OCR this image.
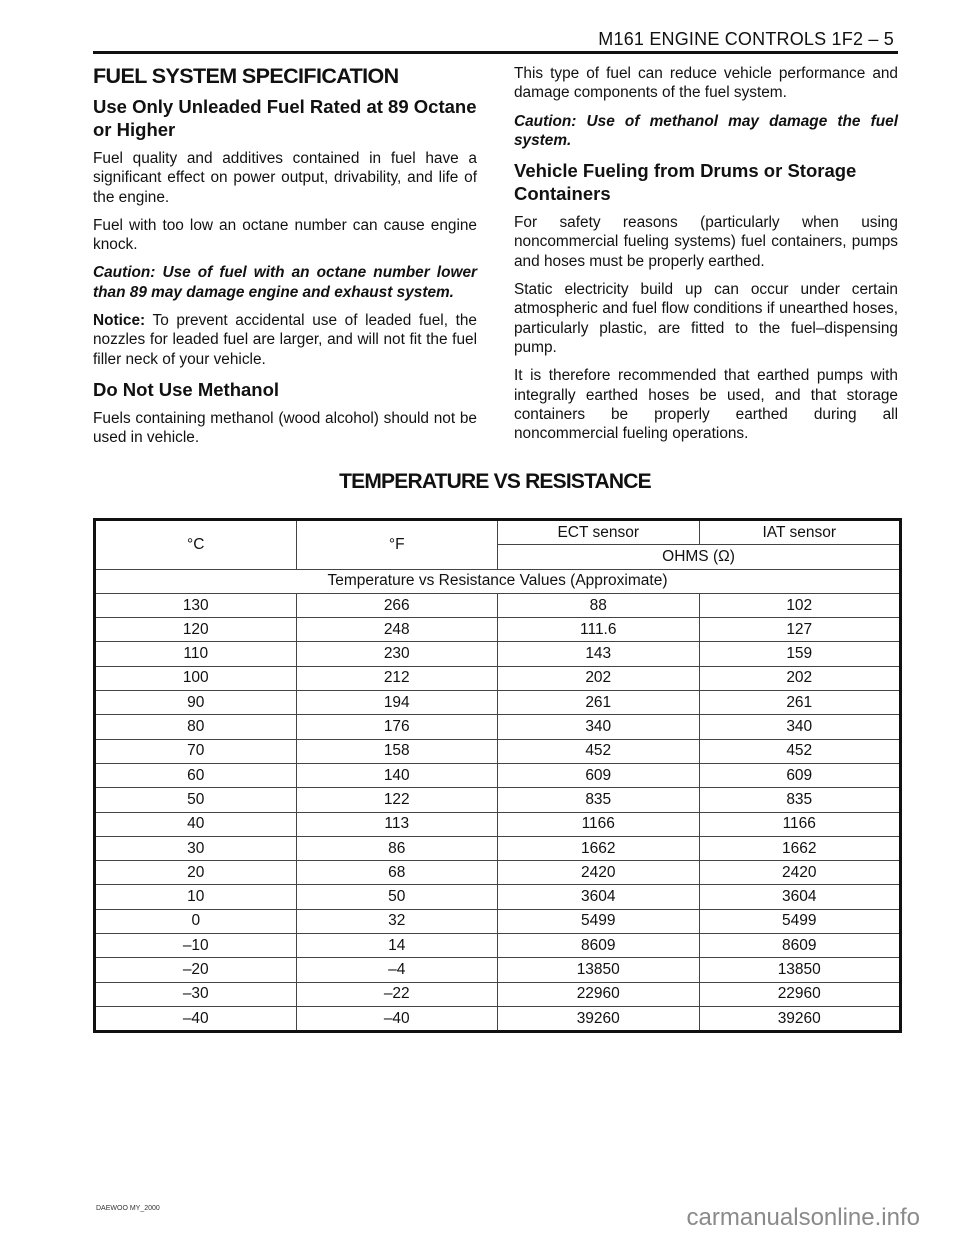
M161 ENGINE CONTROLS 1F2 – 5
FUEL SYSTEM SPECIFICATION
Use Only Unleaded Fuel Rated at 89 Octane or Higher

Fuel quality and additives contained in fuel have a significant effect on power output, drivability, and life of the engine.

Fuel with too low an octane number can cause engine knock.

Caution: Use of fuel with an octane number lower than 89 may damage engine and exhaust system.

Notice: To prevent accidental use of leaded fuel, the nozzles for leaded fuel are larger, and will not fit the fuel filler neck of your vehicle.

Do Not Use Methanol

Fuels containing methanol (wood alcohol) should not be used in vehicle.

This type of fuel can reduce vehicle performance and damage components of the fuel system.

Caution: Use of methanol may damage the fuel system.

Vehicle Fueling from Drums or Storage Containers

For safety reasons (particularly when using noncommercial fueling systems) fuel containers, pumps and hoses must be properly earthed.

Static electricity build up can occur under certain atmospheric and fuel flow conditions if unearthed hoses, particularly plastic, are fitted to the fuel–dispensing pump.

It is therefore recommended that earthed pumps with integrally earthed hoses be used, and that storage containers be properly earthed during all noncommercial fueling operations.

TEMPERATURE VS RESISTANCE
°C	°F	ECT sensor	IAT sensor
		OHMS (Ω)	
Temperature vs Resistance Values (Approximate)			
130	266	88	102
120	248	111.6	127
110	230	143	159
100	212	202	202
90	194	261	261
80	176	340	340
70	158	452	452
60	140	609	609
50	122	835	835
40	113	1166	1166
30	86	1662	1662
20	68	2420	2420
10	50	3604	3604
0	32	5499	5499
–10	14	8609	8609
–20	–4	13850	13850
–30	–22	22960	22960
–40	–40	39260	39260
DAEWOO MY_2000	carmanualsonline.info
